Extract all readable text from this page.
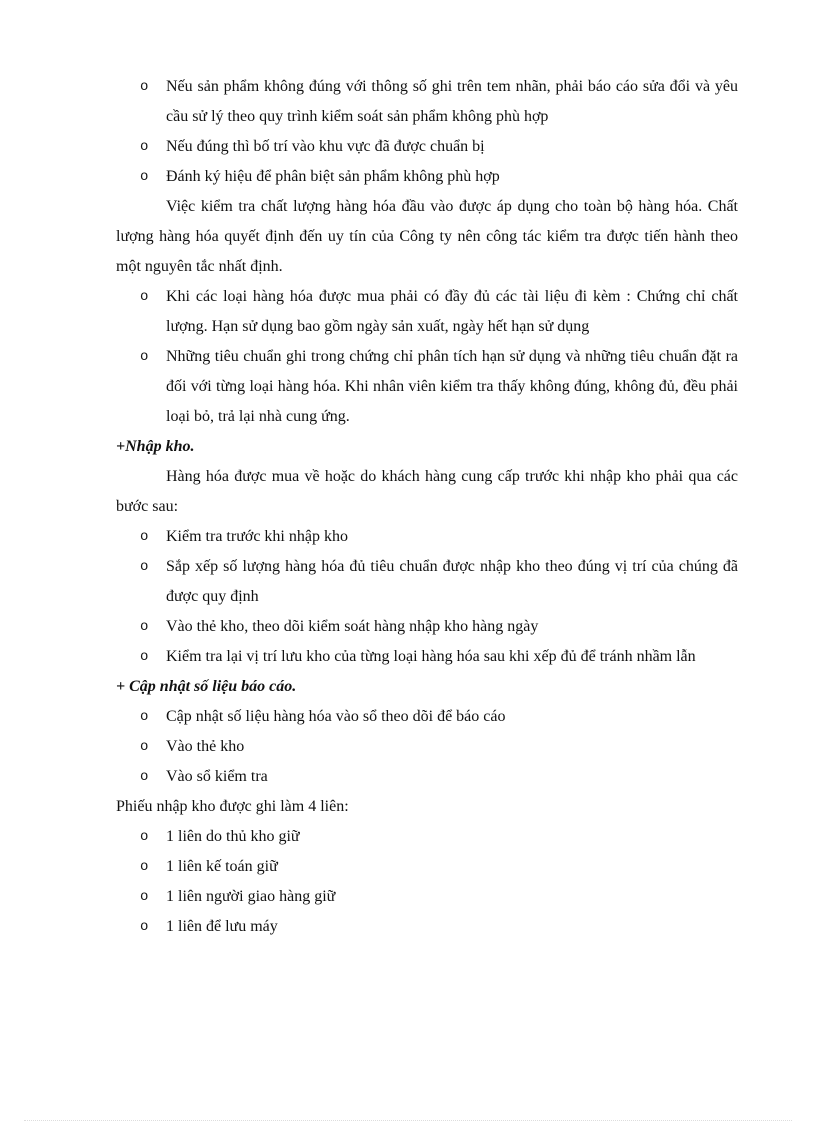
o Nếu sản phẩm không đúng với thông số ghi trên tem nhãn, phải báo cáo sửa đổi và yêu cầu sử lý theo quy trình kiểm soát sản phẩm không phù hợp
o Nếu đúng thì bố trí vào khu vực đã được chuẩn bị
o Đánh ký hiệu để phân biệt sản phẩm không phù hợp

Việc kiểm tra chất lượng hàng hóa đầu vào được áp dụng cho toàn bộ hàng hóa. Chất lượng hàng hóa quyết định đến uy tín của Công ty nên công tác kiểm tra được tiến hành theo một nguyên tắc nhất định.

o Khi các loại hàng hóa được mua phải có đầy đủ các tài liệu đi kèm : Chứng chỉ chất lượng. Hạn sử dụng bao gồm ngày sản xuất, ngày hết hạn sử dụng
o Những tiêu chuẩn ghi trong chứng chỉ phân tích hạn sử dụng và những tiêu chuẩn đặt ra đối với từng loại hàng hóa. Khi nhân viên kiểm tra thấy không đúng, không đủ, đều phải loại bỏ, trả lại nhà cung ứng.

+Nhập kho.

Hàng hóa được mua về hoặc do khách hàng cung cấp trước khi nhập kho phải qua các bước sau:

o Kiểm tra trước khi nhập kho
o Sắp xếp số lượng hàng hóa đủ tiêu chuẩn được nhập kho theo đúng vị trí của chúng đã được quy định
o Vào thẻ kho, theo dõi kiểm soát hàng nhập kho hàng ngày
o Kiểm tra lại vị trí lưu kho của từng loại hàng hóa sau khi xếp đủ để tránh nhầm lẫn

+ Cập nhật số liệu báo cáo.

o Cập nhật số liệu hàng hóa vào sổ theo dõi để báo cáo
o Vào thẻ kho
o Vào sổ kiểm tra

Phiếu nhập kho được ghi làm 4 liên:

o 1 liên do thủ kho giữ
o 1 liên kế toán giữ
o 1 liên người giao hàng giữ
o 1 liên để lưu máy
